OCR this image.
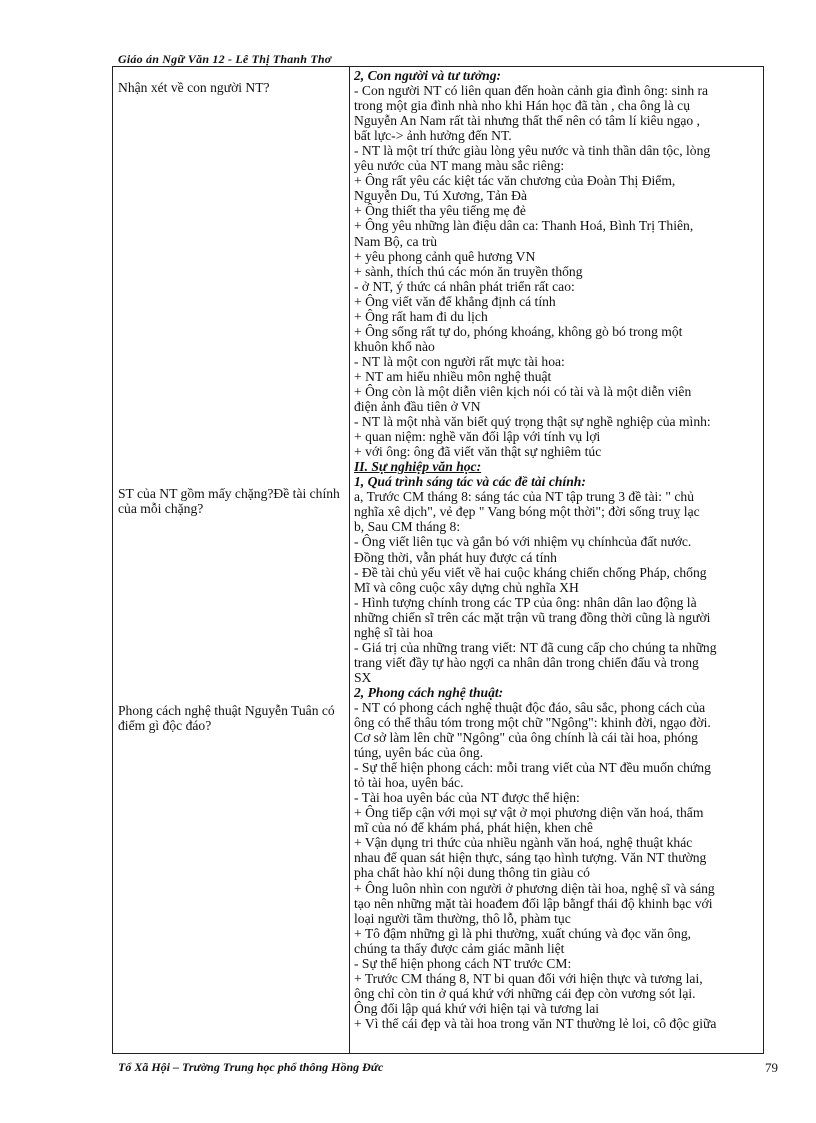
Giáo án Ngữ Văn 12 - Lê Thị Thanh Thơ
Nhận xét về con người NT?
ST của NT gồm mấy chặng?Đề tài chính của mỗi chặng?
Phong cách nghệ thuật Nguyễn Tuân có điểm gì độc đáo?
2, Con người và tư tưởng:
- Con người NT có liên quan đến hoàn cảnh gia đình ông: sinh ra
trong một gia đình nhà nho khi Hán học đã tàn , cha ông là cụ
Nguyễn An Nam rất tài nhưng thất thế nên có tâm lí kiêu ngạo ,
bất lực-> ảnh hưởng đến NT.
- NT là một trí thức giàu lòng yêu nước và tinh thần dân tộc, lòng
yêu nước của NT mang màu sắc riêng:
+ Ông rất yêu các kiệt tác văn chương của Đoàn Thị Điểm,
Nguyễn Du, Tú Xương, Tản Đà
+ Ông thiết tha yêu tiếng mẹ đẻ
+ Ông yêu những làn điệu dân ca: Thanh Hoá, Bình Trị Thiên,
Nam Bộ, ca trù
+ yêu phong cảnh quê hương VN
+ sành, thích thú các món ăn truyền thống
- ở NT, ý thức cá nhân phát triển rất cao:
+ Ông viết văn để khẳng định cá tính
+ Ông rất ham đi du lịch
+ Ông sống rất tự do, phóng khoáng, không gò bó trong một
khuôn khổ nào
- NT là một con người rất mực tài hoa:
+ NT am hiểu nhiều môn nghệ thuật
+ Ông còn là một diễn viên kịch nói có tài và là một diễn viên
điện ảnh đầu tiên ở VN
- NT là một nhà văn biết quý trọng thật sự nghề nghiệp của mình:
+ quan niệm: nghề văn đối lập với tính vụ lợi
+ với ông: ông đã viết văn thật sự nghiêm túc
II. Sự nghiệp văn học:
1, Quá trình sáng tác và các đề tài chính:
a, Trước CM tháng 8: sáng tác của NT tập trung 3 đề tài: " chủ
nghĩa xê dịch", vẻ đẹp " Vang bóng một thời"; đời sống truỵ lạc
b, Sau CM tháng 8:
- Ông viết liên tục và gắn bó với nhiệm vụ chínhcủa đất nước.
Đồng thời, vẫn phát huy được cá tính
- Đề tài chủ yếu viết về hai cuộc kháng chiến chống Pháp, chống
Mĩ và công cuộc xây dựng chủ nghĩa XH
- Hình tượng chính trong các TP của ông: nhân dân lao động là
những chiến sĩ trên các mặt trận vũ trang đồng thời cũng là người
nghệ sĩ tài hoa
- Giá trị của những trang viết: NT đã cung cấp cho chúng ta những
trang viết đầy tự hào ngợi ca nhân dân trong chiến đấu và trong
SX
2, Phong cách nghệ thuật:
- NT có phong cách nghệ thuật độc đáo, sâu sắc, phong cách của
ông có thể thâu tóm trong một chữ "Ngông": khinh đời, ngạo đời.
Cơ sở làm lên chữ "Ngông" của ông chính là cái tài hoa, phóng
túng, uyên bác của ông.
- Sự thể hiện phong cách: mỗi trang viết của NT đều muốn chứng
tỏ tài hoa, uyên bác.
- Tài hoa uyên bác của NT được thể hiện:
+ Ông tiếp cận với mọi sự vật ở mọi phương diện văn hoá, thẩm
mĩ của nó để khám phá, phát hiện, khen chê
+ Vận dụng tri thức của nhiều ngành văn hoá, nghệ thuật khác
nhau để quan sát hiện thực, sáng tạo hình tượng. Văn NT thường
pha chất hào khí nội dung thông tin giàu có
+ Ông luôn nhìn con người ở phương diện tài hoa, nghệ sĩ và sáng
tạo nên những mặt tài hoađem đối lập bằngf thái độ khinh bạc với
loại người tầm thường, thô lỗ, phàm tục
+ Tô đậm những gì là phi thường, xuất chúng và đọc văn ông,
chúng ta thấy được cảm giác mãnh liệt
- Sự thể hiện phong cách NT trước CM:
+ Trước CM tháng 8, NT bi quan đối với hiện thực và tương lai,
ông chỉ còn tin ở quá khứ với những cái đẹp còn vương sót lại.
Ông đối lập quá khứ với hiện tại và tương lai
+ Vì thế cái đẹp và tài hoa trong văn NT thường lẻ loi, cô độc giữa
Tổ Xã Hội – Trường Trung học phổ thông Hồng Đức	79
